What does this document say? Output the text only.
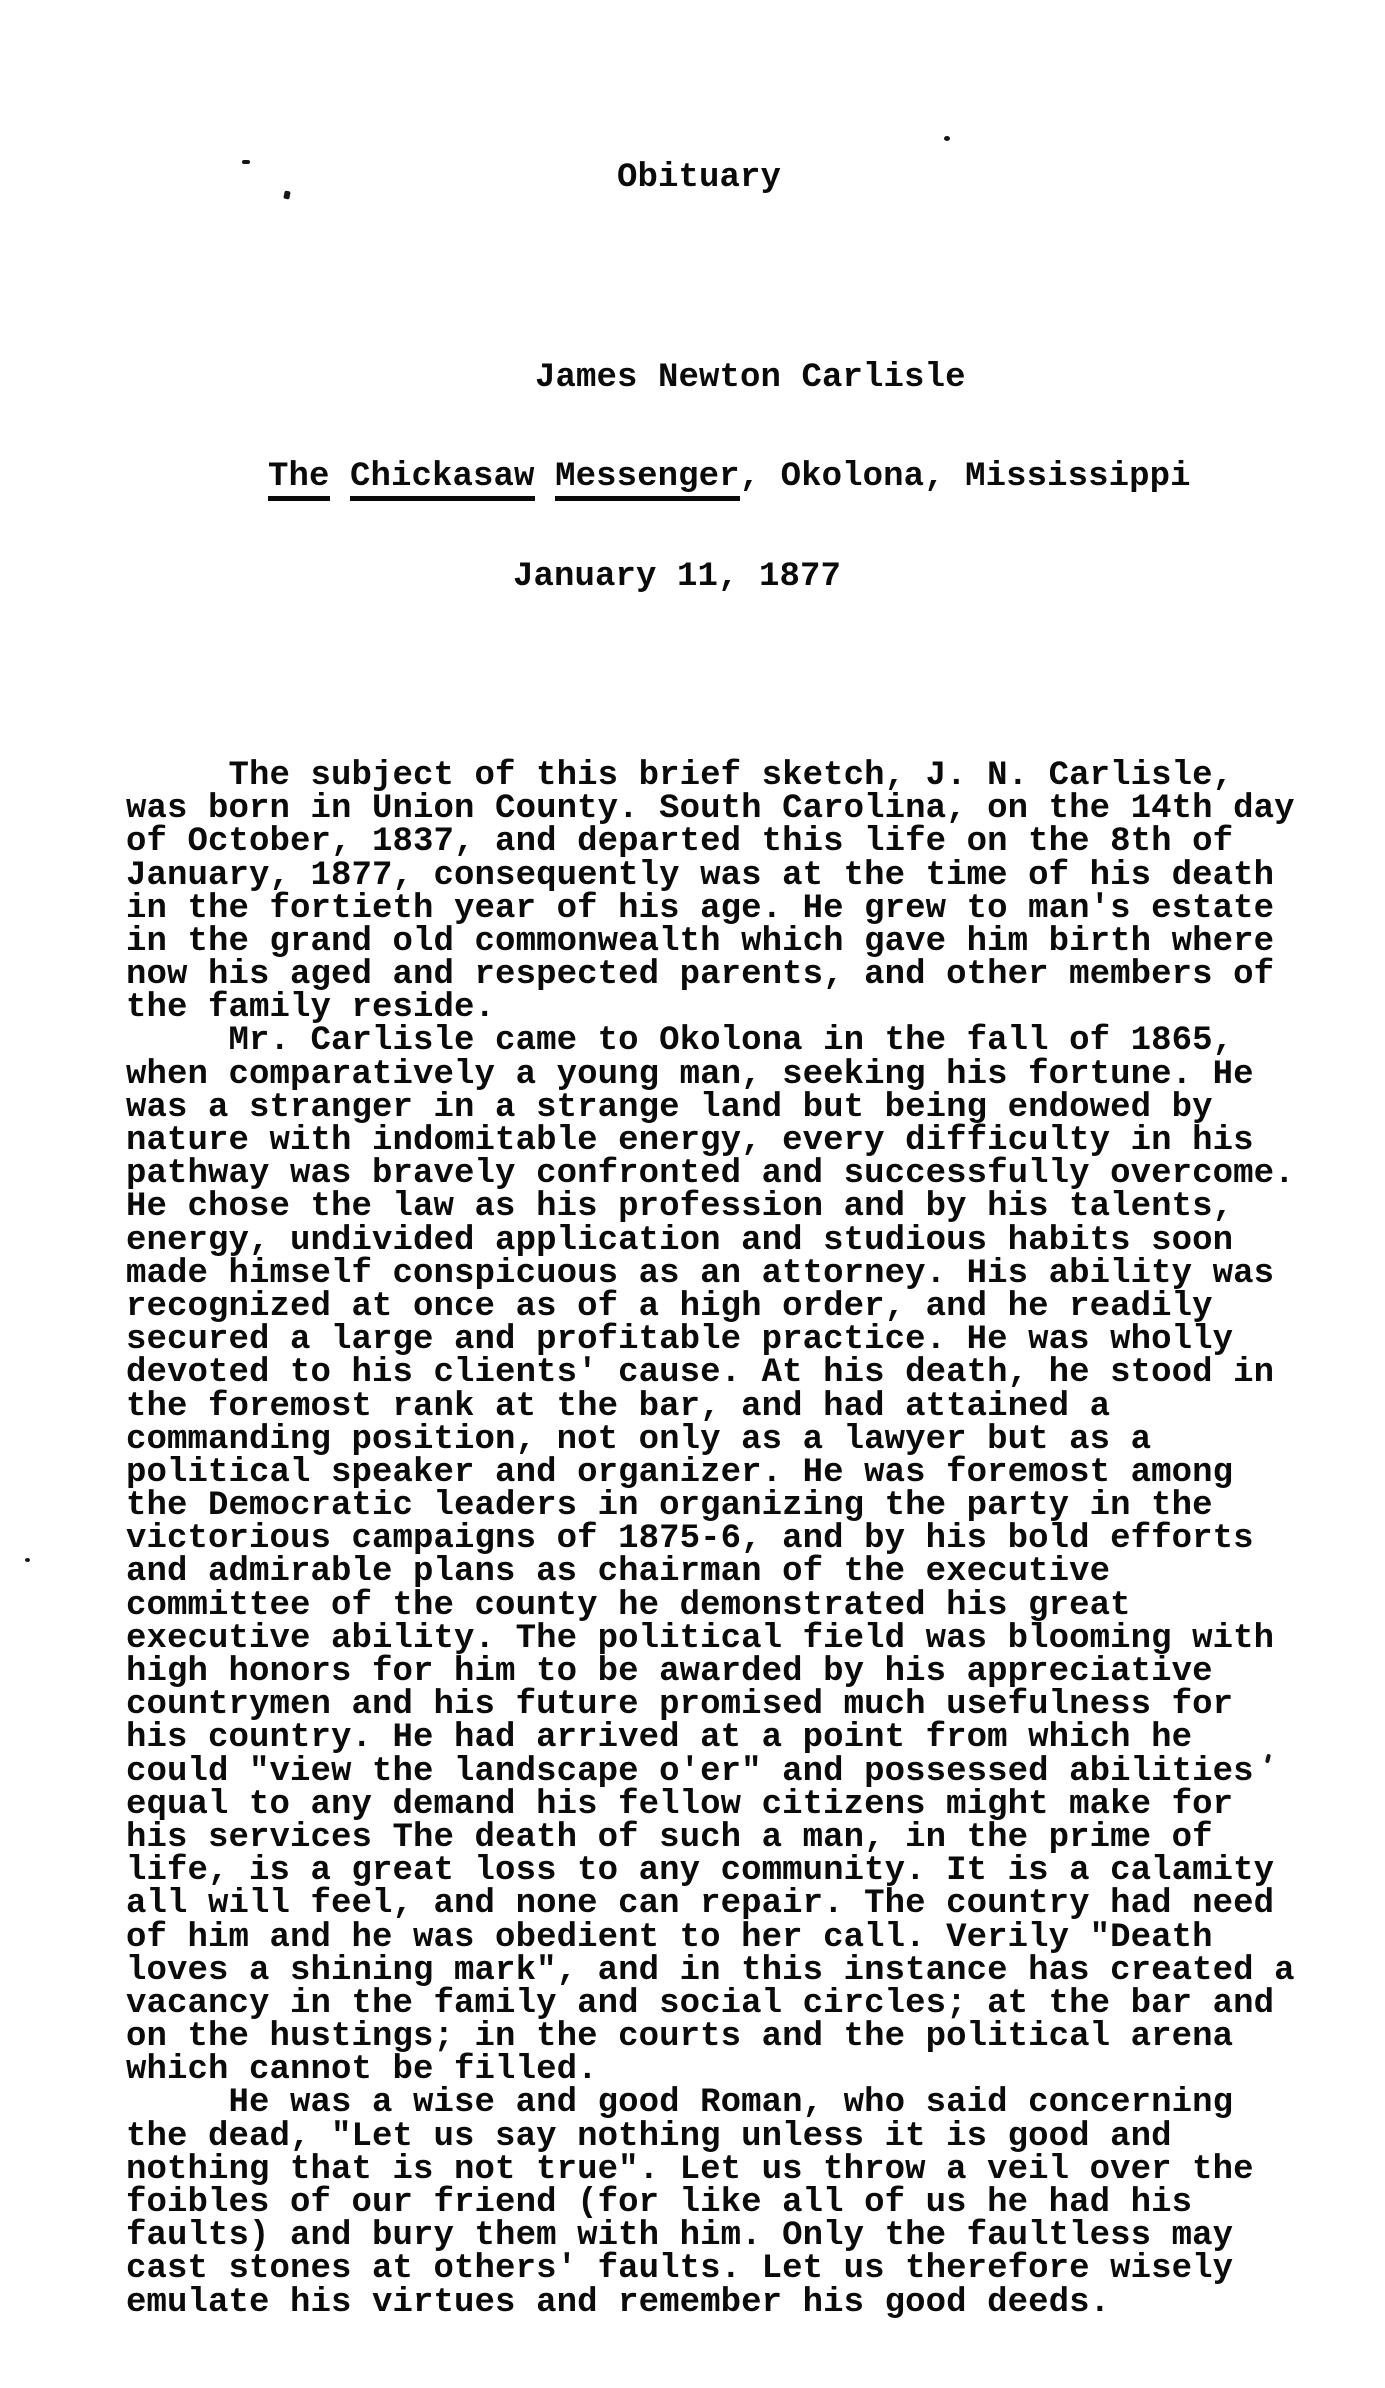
Obituary

James Newton Carlisle

The Chickasaw Messenger, Okolona, Mississippi

January 11, 1877

The subject of this brief sketch, J. N. Carlisle,
was born in Union County. South Carolina, on the 14th day
of October, 1837, and departed this life on the 8th of
January, 1877, consequently was at the time of his death
in the fortieth year of his age. He grew to man's estate
in the grand old commonwealth which gave him birth where
now his aged and respected parents, and other members of
the family reside.
Mr. Carlisle came to Okolona in the fall of 1865,
when comparatively a young man, seeking his fortune. He
was a stranger in a strange land but being endowed by
nature with indomitable energy, every difficulty in his
pathway was bravely confronted and successfully overcome.
He chose the law as his profession and by his talents,
energy, undivided application and studious habits soon
made himself conspicuous as an attorney. His ability was
recognized at once as of a high order, and he readily
secured a large and profitable practice. He was wholly
devoted to his clients' cause. At his death, he stood in
the foremost rank at the bar, and had attained a
commanding position, not only as a lawyer but as a
political speaker and organizer. He was foremost among
the Democratic leaders in organizing the party in the
victorious campaigns of 1875-6, and by his bold efforts
and admirable plans as chairman of the executive
committee of the county he demonstrated his great
executive ability. The political field was blooming with
high honors for him to be awarded by his appreciative
countrymen and his future promised much usefulness for
his country. He had arrived at a point from which he
could "view the landscape o'er" and possessed abilities
equal to any demand his fellow citizens might make for
his services The death of such a man, in the prime of
life, is a great loss to any community. It is a calamity
all will feel, and none can repair. The country had need
of him and he was obedient to her call. Verily "Death
loves a shining mark", and in this instance has created a
vacancy in the family and social circles; at the bar and
on the hustings; in the courts and the political arena
which cannot be filled.
He was a wise and good Roman, who said concerning
the dead, "Let us say nothing unless it is good and
nothing that is not true". Let us throw a veil over the
foibles of our friend (for like all of us he had his
faults) and bury them with him. Only the faultless may
cast stones at others' faults. Let us therefore wisely
emulate his virtues and remember his good deeds.
